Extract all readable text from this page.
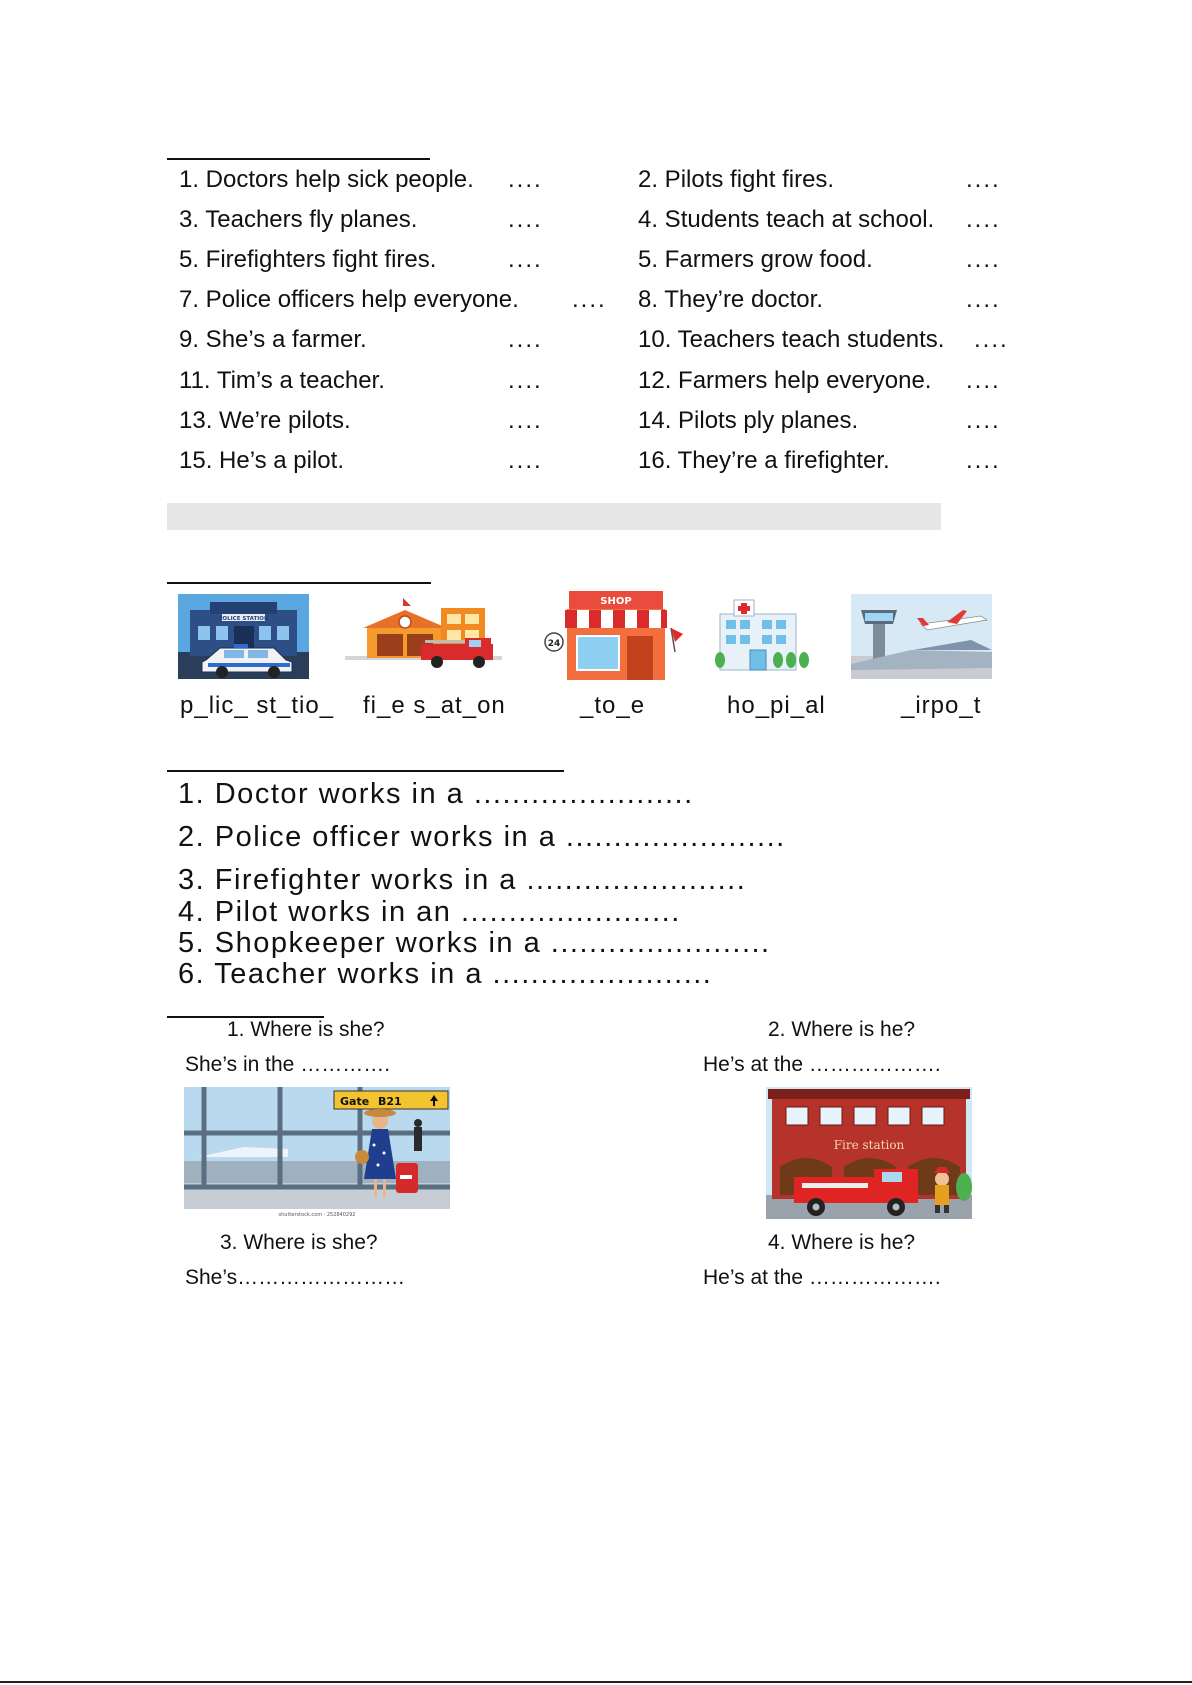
1. Doctors help sick people. ....
3. Teachers fly planes.	....
5. Firefighters fight fires.	....
7. Police officers help everyone. ....
9. She’s a farmer.	....
11. Tim’s a teacher.	....
13. We’re pilots.	....
15. He’s a pilot.	....
2. Pilots fight fires.	....
4. Students teach at school. ....
5. Farmers grow food.	....
8. They’re doctor.	....
10. Teachers teach students. ....
12. Farmers help everyone. ....
14. Pilots ply planes.	....
16. They’re a firefighter.	....
POLICE STATION
SHOP
24
p_lic_ st_tio_ fi_e s_at_on	_to_e	ho_pi_al	_irpo_t
1. Doctor works in a .......................
2. Police officer works in a .......................
3. Firefighter works in a .......................
4. Pilot works in an .......................
5. Shopkeeper works in a .......................
6. Teacher works in a .......................
1. Where is she?
She’s in the ………….
2. Where is he?
He’s at the ……………….
Gate B21
shutterstock.com · 252840292
Fire station
3. Where is she?
She’s……………………
4. Where is he?
He’s at the ……………….
